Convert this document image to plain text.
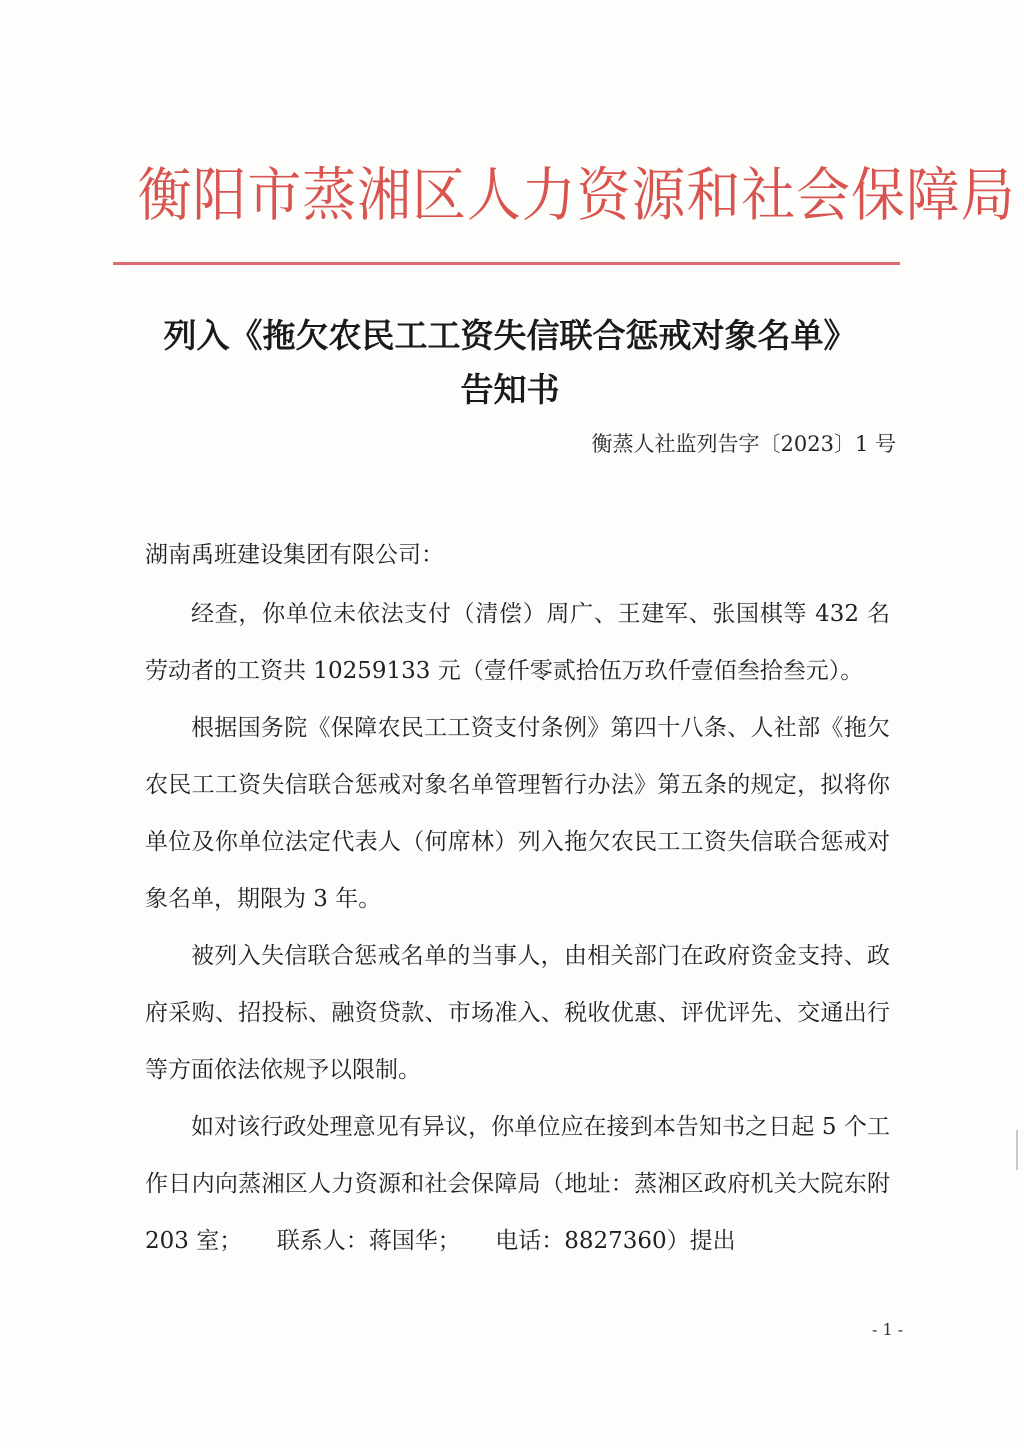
衡阳市蒸湘区人力资源和社会保障局
列入《拖欠农民工工资失信联合惩戒对象名单》
告知书
衡蒸人社监列告字〔2023〕1 号
湖南禹班建设集团有限公司：

经查，你单位未依法支付（清偿）周广、王建军、张国棋等 432 名劳动者的工资共 10259133 元（壹仟零贰拾伍万玖仟壹佰叁拾叁元）。

根据国务院《保障农民工工资支付条例》第四十八条、人社部《拖欠农民工工资失信联合惩戒对象名单管理暂行办法》第五条的规定，拟将你单位及你单位法定代表人（何席林）列入拖欠农民工工资失信联合惩戒对象名单，期限为 3 年。

被列入失信联合惩戒名单的当事人，由相关部门在政府资金支持、政府采购、招投标、融资贷款、市场准入、税收优惠、评优评先、交通出行等方面依法依规予以限制。

如对该行政处理意见有异议，你单位应在接到本告知书之日起 5 个工作日内向蒸湘区人力资源和社会保障局（地址：蒸湘区政府机关大院东附 203 室；　　联系人：蒋国华；　　电话：8827360）提出

- 1 -
